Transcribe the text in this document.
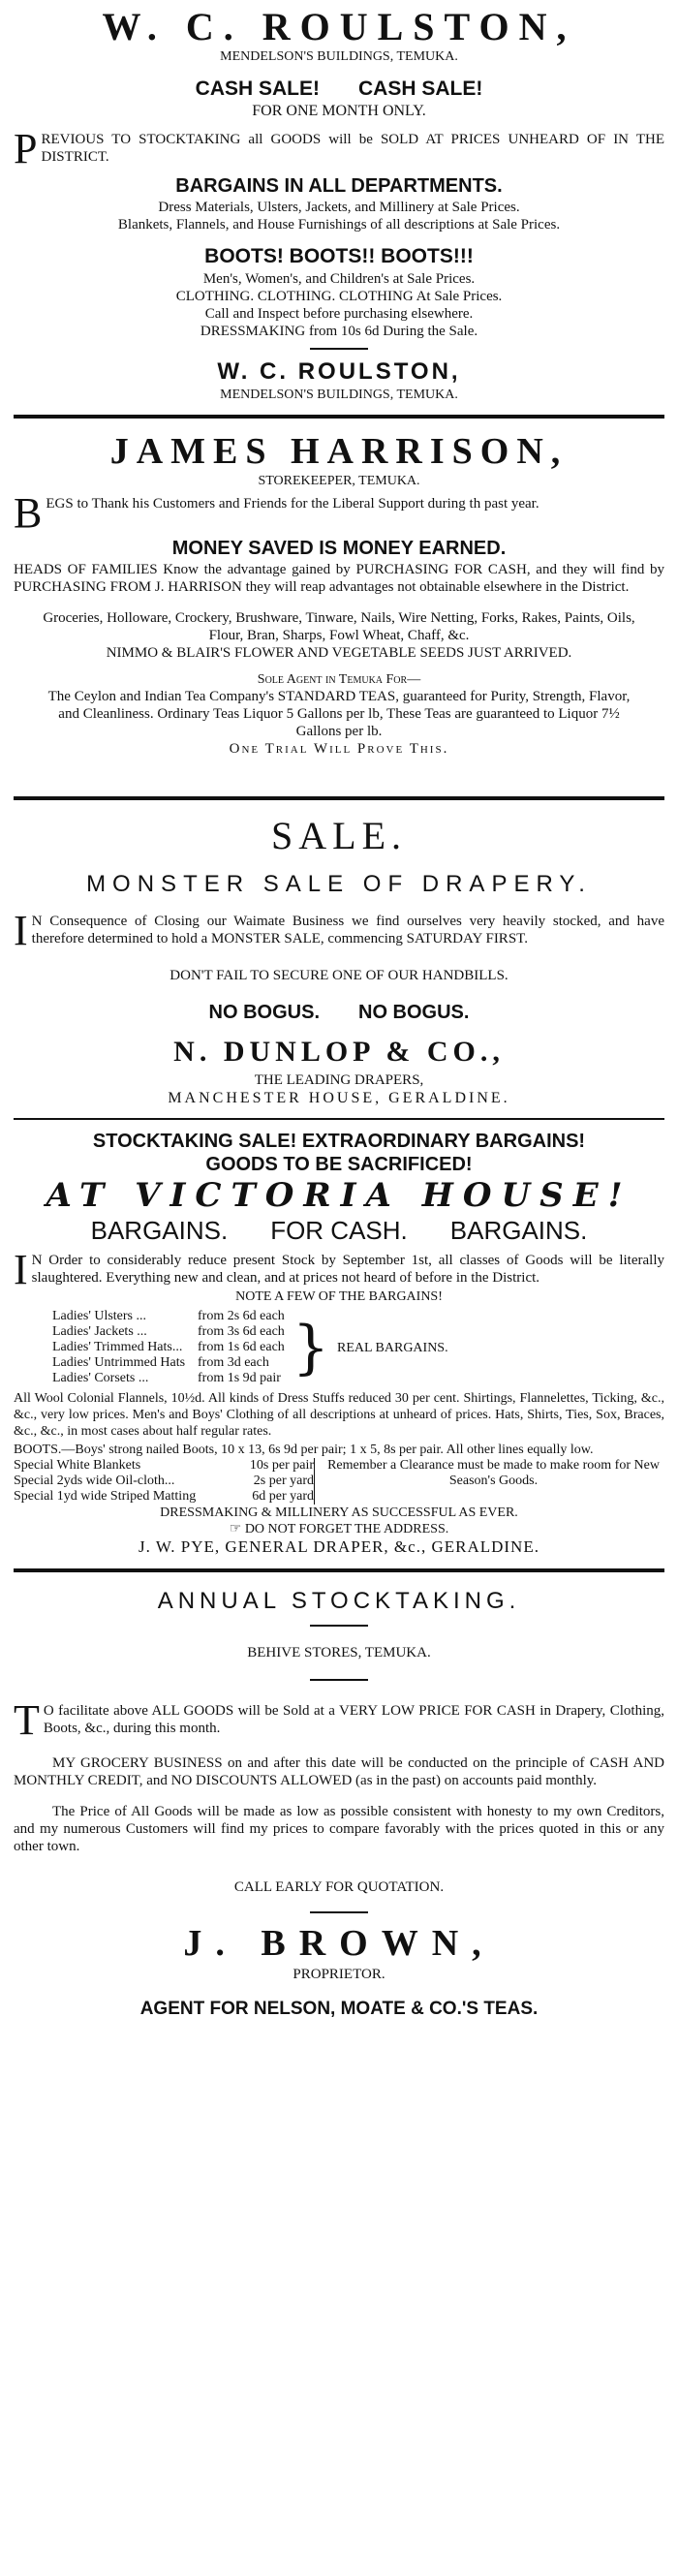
W. C. ROULSTON,
MENDELSON'S BUILDINGS, TEMUKA.
CASH SALE! CASH SALE!
FOR ONE MONTH ONLY.
P REVIOUS TO STOCKTAKING all GOODS will be SOLD AT PRICES UNHEARD OF IN THE DISTRICT.
BARGAINS IN ALL DEPARTMENTS.
Dress Materials, Ulsters, Jackets, and Millinery at Sale Prices.
Blankets, Flannels, and House Furnishings of all descriptions at Sale Prices.
BOOTS! BOOTS!! BOOTS!!!
Men's, Women's, and Children's at Sale Prices.
CLOTHING. CLOTHING. CLOTHING At Sale Prices.
Call and Inspect before purchasing elsewhere.
DRESSMAKING from 10s 6d During the Sale.
W. C. ROULSTON,
MENDELSON'S BUILDINGS, TEMUKA.
JAMES HARRISON,
STOREKEEPER, TEMUKA.
B EGS to Thank his Customers and Friends for the Liberal Support during th past year.
MONEY SAVED IS MONEY EARNED.
HEADS OF FAMILIES Know the advantage gained by PURCHASING FOR CASH, and they will find by PURCHASING FROM J. HARRISON they will reap advantages not obtainable elsewhere in the District.
Groceries, Holloware, Crockery, Brushware, Tinware, Nails, Wire Netting, Forks, Rakes, Paints, Oils,
Flour, Bran, Sharps, Fowl Wheat, Chaff, &c.
NIMMO & BLAIR'S FLOWER AND VEGETABLE SEEDS JUST ARRIVED.
Sole Agent in Temuka For—
The Ceylon and Indian Tea Company's STANDARD TEAS, guaranteed for Purity, Strength, Flavor, and Cleanliness. Ordinary Teas Liquor 5 Gallons per lb, These Teas are guaranteed to Liquor 7½ Gallons per lb.
One Trial Will Prove This.
SALE.
MONSTER SALE OF DRAPERY.
I N Consequence of Closing our Waimate Business we find ourselves very heavily stocked, and have therefore determined to hold a MONSTER SALE, commencing SATURDAY FIRST.
DON'T FAIL TO SECURE ONE OF OUR HANDBILLS.
NO BOGUS. NO BOGUS.
N. DUNLOP & CO.,
THE LEADING DRAPERS,
MANCHESTER HOUSE, GERALDINE.
STOCKTAKING SALE! EXTRAORDINARY BARGAINS!
GOODS TO BE SACRIFICED!
AT VICTORIA HOUSE!
BARGAINS. FOR CASH. BARGAINS.
I N Order to considerably reduce present Stock by September 1st, all classes of Goods will be literally slaughtered. Everything new and clean, and at prices not heard of before in the District.
NOTE A FEW OF THE BARGAINS!
Ladies' Ulsters ...	from 2s 6d each
Ladies' Jackets ...	from 3s 6d each
Ladies' Trimmed Hats...	from 1s 6d each
Ladies' Untrimmed Hats from 3d each
Ladies' Corsets ...	from 1s 9d pair } REAL BARGAINS.
All Wool Colonial Flannels, 10½d. All kinds of Dress Stuffs reduced 30 per cent. Shirtings, Flannelettes, Ticking, &c., &c., very low prices. Men's and Boys' Clothing of all descriptions at unheard of prices. Hats, Shirts, Ties, Sox, Braces, &c., &c., in most cases about half regular rates.
BOOTS.—Boys' strong nailed Boots, 10 x 13, 6s 9d per pair; 1 x 5, 8s per pair. All other lines equally low.
Special White Blankets	10s per pair
Special 2yds wide Oil-cloth...	2s per yard
Special 1yd wide Striped Matting	6d per yard
Remember a Clearance must be made to make room for New Season's Goods.
DRESSMAKING & MILLINERY AS SUCCESSFUL AS EVER.
☞ DO NOT FORGET THE ADDRESS.
J. W. PYE, GENERAL DRAPER, &c., GERALDINE.
ANNUAL STOCKTAKING.
BEHIVE STORES, TEMUKA.
T O facilitate above ALL GOODS will be Sold at a VERY LOW PRICE FOR CASH in Drapery, Clothing, Boots, &c., during this month.
MY GROCERY BUSINESS on and after this date will be conducted on the principle of CASH AND MONTHLY CREDIT, and NO DISCOUNTS ALLOWED (as in the past) on accounts paid monthly.
The Price of All Goods will be made as low as possible consistent with honesty to my own Creditors, and my numerous Customers will find my prices to compare favorably with the prices quoted in this or any other town.
CALL EARLY FOR QUOTATION.
J. BROWN,
PROPRIETOR.
AGENT FOR NELSON, MOATE & CO.'S TEAS.
